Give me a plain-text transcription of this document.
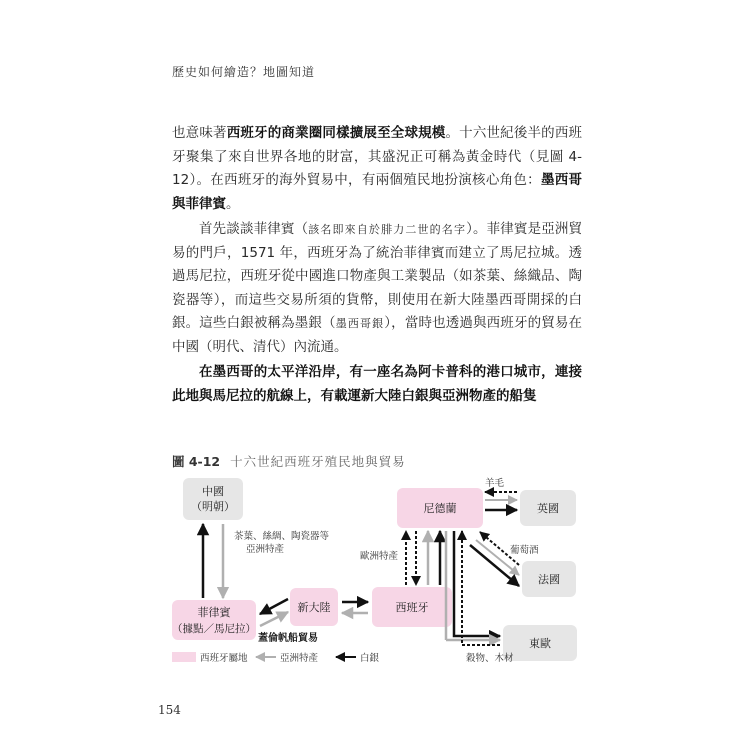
歷史如何繪造？地圖知道

也意味著西班牙的商業圈同樣擴展至全球規模。十六世紀後半的西班牙聚集了來自世界各地的財富，其盛況正可稱為黃金時代（見圖 4-12）。在西班牙的海外貿易中，有兩個殖民地扮演核心角色：墨西哥與菲律賓。

首先談談菲律賓（該名即來自於腓力二世的名字）。菲律賓是亞洲貿易的門戶，1571 年，西班牙為了統治菲律賓而建立了馬尼拉城。透過馬尼拉，西班牙從中國進口物產與工業製品（如茶葉、絲織品、陶瓷器等），而這些交易所須的貨幣，則使用在新大陸墨西哥開採的白銀。這些白銀被稱為墨銀（墨西哥銀），當時也透過與西班牙的貿易在中國（明代、清代）內流通。

在墨西哥的太平洋沿岸，有一座名為阿卡普科的港口城市，連接此地與馬尼拉的航線上，有載運新大陸白銀與亞洲物產的船隻

圖 4-12 十六世紀西班牙殖民地與貿易
中國
（明朝）
菲律賓
（據點／馬尼拉）
新大陸	西班牙
尼德蘭	英國
法國
東歐
茶葉、絲綢、陶瓷器等
亞洲特產
蓋倫帆船貿易
歐洲特產
羊毛
葡萄酒
穀物、木材
西班牙屬地	亞洲特產	白銀
154
